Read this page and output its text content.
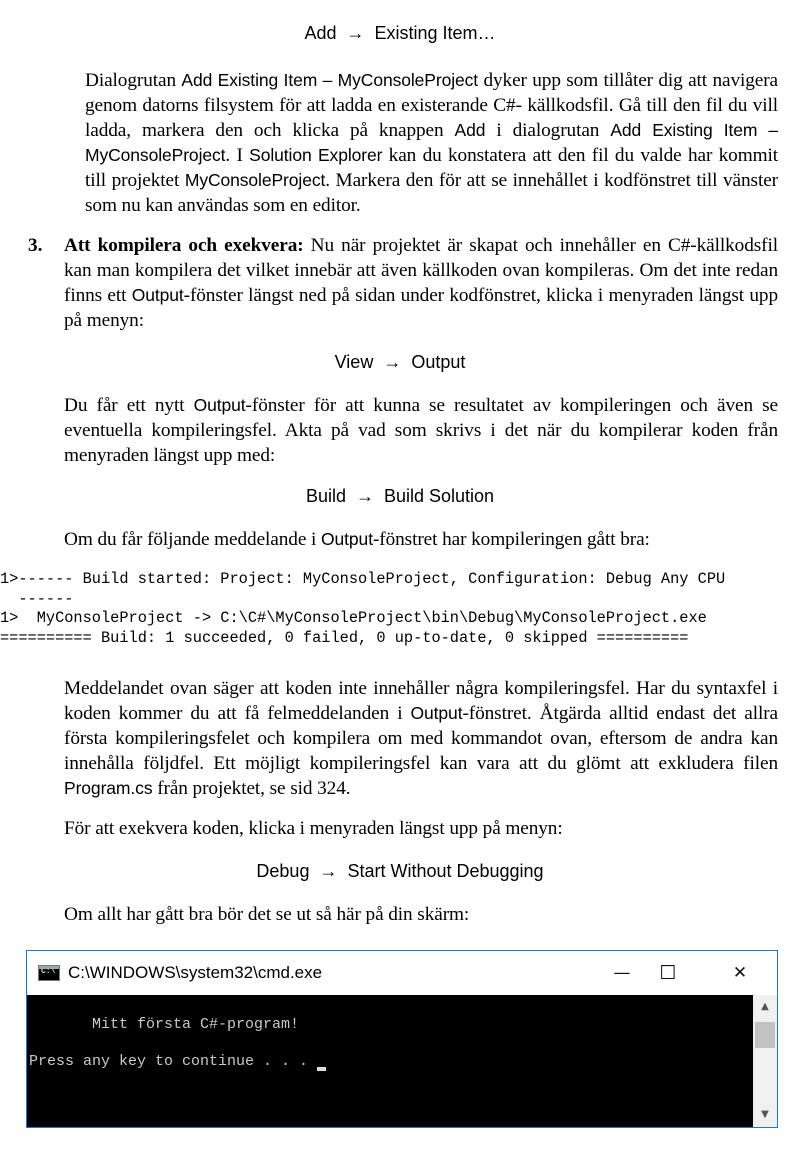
Add → Existing Item…
Dialogrutan Add Existing Item – MyConsoleProject dyker upp som tillåter dig att navigera genom datorns filsystem för att ladda en existerande C#- källkodsfil. Gå till den fil du vill ladda, markera den och klicka på knappen Add i dialogrutan Add Existing Item – MyConsoleProject. I Solution Explorer kan du konstatera att den fil du valde har kommit till projektet MyConsoleProject. Markera den för att se innehållet i kodfönstret till vänster som nu kan användas som en editor.
3. Att kompilera och exekvera: Nu när projektet är skapat och innehåller en C#-källkodsfil kan man kompilera det vilket innebär att även källkoden ovan kompileras. Om det inte redan finns ett Output-fönster längst ned på sidan under kodfönstret, klicka i menyraden längst upp på menyn:
View → Output
Du får ett nytt Output-fönster för att kunna se resultatet av kompileringen och även se eventuella kompileringsfel. Akta på vad som skrivs i det när du kompilerar koden från menyraden längst upp med:
Build → Build Solution
Om du får följande meddelande i Output-fönstret har kompileringen gått bra:
1>------ Build started: Project: MyConsoleProject, Configuration: Debug Any CPU
------
1>  MyConsoleProject -> C:\C#\MyConsoleProject\bin\Debug\MyConsoleProject.exe
========== Build: 1 succeeded, 0 failed, 0 up-to-date, 0 skipped ==========
Meddelandet ovan säger att koden inte innehåller några kompileringsfel. Har du syntaxfel i koden kommer du att få felmeddelanden i Output-fönstret. Åtgärda alltid endast det allra första kompileringsfelet och kompilera om med kommandot ovan, eftersom de andra kan innehålla följdfel. Ett möjligt kompileringsfel kan vara att du glömt att exkludera filen Program.cs från projektet, se sid 324.
För att exekvera koden, klicka i menyraden längst upp på menyn:
Debug → Start Without Debugging
Om allt har gått bra bör det se ut så här på din skärm:
C:\
C:\WINDOWS\system32\cmd.exe	—	☐	✕
Mitt första C#-program!
Press any key to continue . . .
▲
▼
